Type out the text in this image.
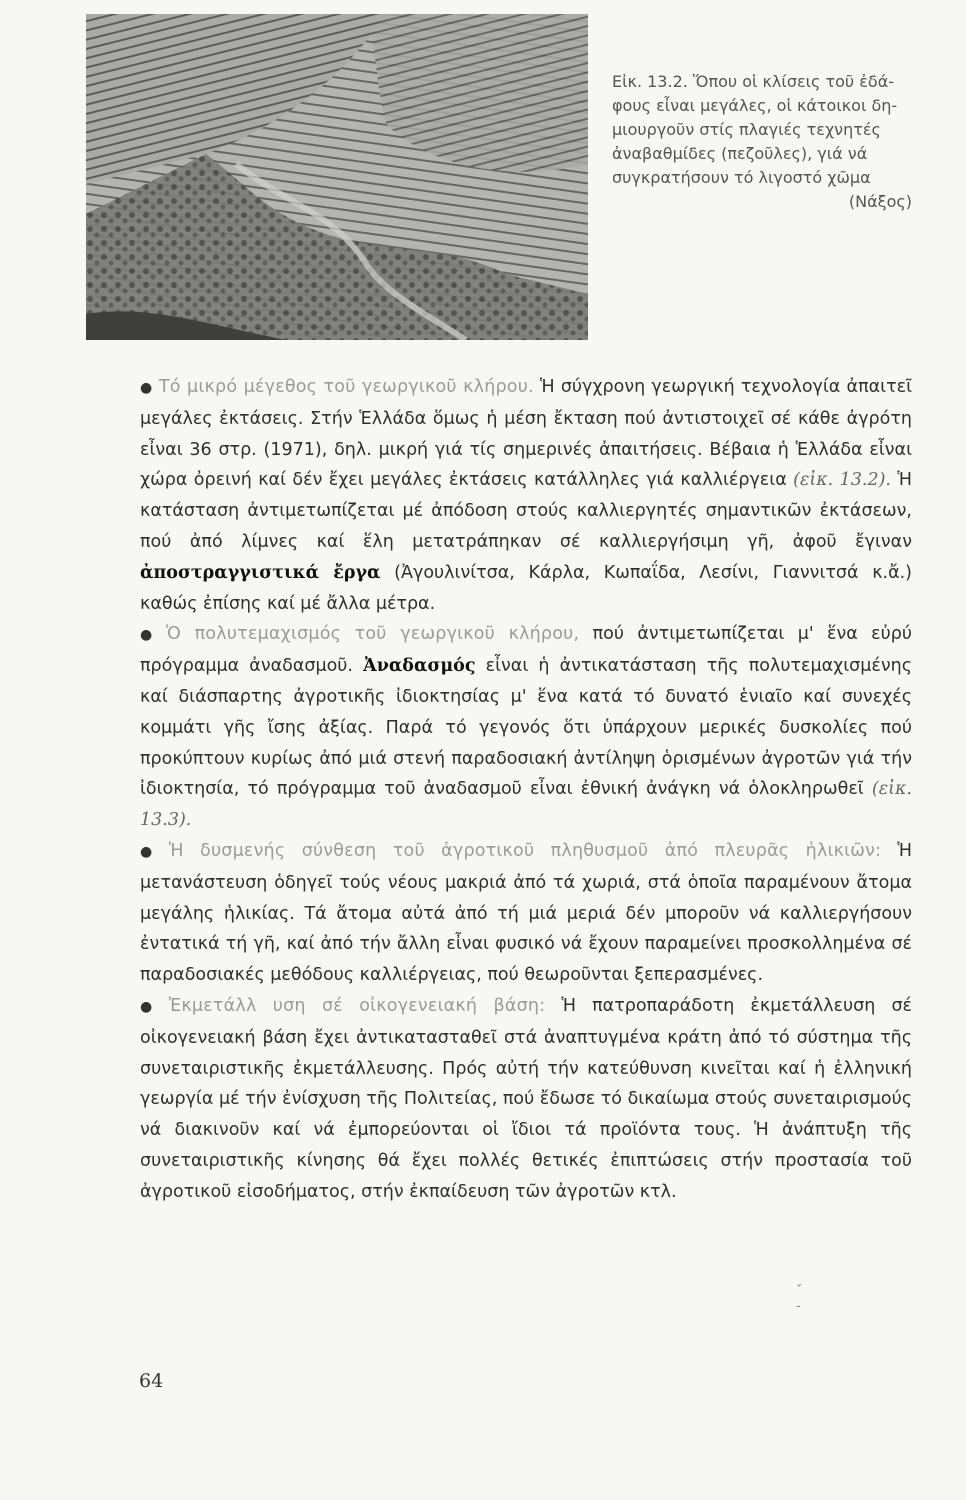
Εἰκ. 13.2. Ὅπου οἱ κλίσεις τοῦ ἐδά-
φους εἶναι μεγάλες, οἱ κάτοικοι δη-
μιουργοῦν στίς πλαγιές τεχνητές
ἀναβαθμίδες (πεζοῦλες), γιά νά
συγκρατήσουν τό λιγοστό χῶμα
(Νάξος)

● Τό μικρό μέγεθος τοῦ γεωργικοῦ κλήρου. Ἡ σύγχρονη γεωργική τεχνολογία ἀπαιτεῖ μεγάλες ἐκτάσεις. Στήν Ἑλλάδα ὅμως ἡ μέση ἔκταση πού ἀντιστοιχεῖ σέ κάθε ἀγρότη εἶναι 36 στρ. (1971), δηλ. μικρή γιά τίς σημερινές ἀπαιτήσεις. Βέβαια ἡ Ἑλλάδα εἶναι χώρα ὀρεινή καί δέν ἔχει μεγάλες ἐκτάσεις κατάλληλες γιά καλλιέργεια (εἰκ. 13.2). Ἡ κατάσταση ἀντιμετωπίζεται μέ ἀπόδοση στούς καλλιεργητές σημαντικῶν ἐκτάσεων, πού ἀπό λίμνες καί ἕλη μετατράπηκαν σέ καλλιεργήσιμη γῆ, ἀφοῦ ἔγιναν ἀποστραγγιστικά ἔργα (Ἀγουλινίτσα, Κάρλα, Κωπαΐδα, Λεσίνι, Γιαννιτσά κ.ἄ.) καθώς ἐπίσης καί μέ ἄλλα μέτρα.

● Ὁ πολυτεμαχισμός τοῦ γεωργικοῦ κλήρου, πού ἀντιμετωπίζεται μ' ἕνα εὐρύ πρόγραμμα ἀναδασμοῦ. Ἀναδασμός εἶναι ἡ ἀντικατάσταση τῆς πολυτεμαχισμένης καί διάσπαρτης ἀγροτικῆς ἰδιοκτησίας μ' ἕνα κατά τό δυνατό ἑνιαῖο καί συνεχές κομμάτι γῆς ἴσης ἀξίας. Παρά τό γεγονός ὅτι ὑπάρχουν μερικές δυσκολίες πού προκύπτουν κυρίως ἀπό μιά στενή παραδοσιακή ἀντίληψη ὁρισμένων ἀγροτῶν γιά τήν ἰδιοκτησία, τό πρόγραμμα τοῦ ἀναδασμοῦ εἶναι ἐθνική ἀνάγκη νά ὁλοκληρωθεῖ (εἰκ. 13.3).

● Ἡ δυσμενής σύνθεση τοῦ ἀγροτικοῦ πληθυσμοῦ ἀπό πλευρᾶς ἡλικιῶν: Ἡ μετανάστευση ὁδηγεῖ τούς νέους μακριά ἀπό τά χωριά, στά ὁποῖα παραμένουν ἄτομα μεγάλης ἡλικίας. Τά ἄτομα αὐτά ἀπό τή μιά μεριά δέν μποροῦν νά καλλιεργήσουν ἐντατικά τή γῆ, καί ἀπό τήν ἄλλη εἶναι φυσικό νά ἔχουν παραμείνει προσκολλημένα σέ παραδοσιακές μεθόδους καλλιέργειας, πού θεωροῦνται ξεπερασμένες.

● Ἐκμετάλλ υση σέ οἰκογενειακή βάση: Ἡ πατροπαράδοτη ἐκμετάλλευση σέ οἰκογενειακή βάση ἔχει ἀντικατασταθεῖ στά ἀναπτυγμένα κράτη ἀπό τό σύστημα τῆς συνεταιριστικῆς ἐκμετάλλευσης. Πρός αὐτή τήν κατεύθυνση κινεῖται καί ἡ ἑλληνική γεωργία μέ τήν ἐνίσχυση τῆς Πολιτείας, πού ἔδωσε τό δικαίωμα στούς συνεταιρισμούς νά διακινοῦν καί νά ἐμπορεύονται οἱ ἴδιοι τά προϊόντα τους. Ἡ ἀνάπτυξη τῆς συνεταιριστικῆς κίνησης θά ἔχει πολλές θετικές ἐπιπτώσεις στήν προστασία τοῦ ἀγροτικοῦ εἰσοδήματος, στήν ἐκπαίδευση τῶν ἀγροτῶν κτλ.

ˇ
-
64
